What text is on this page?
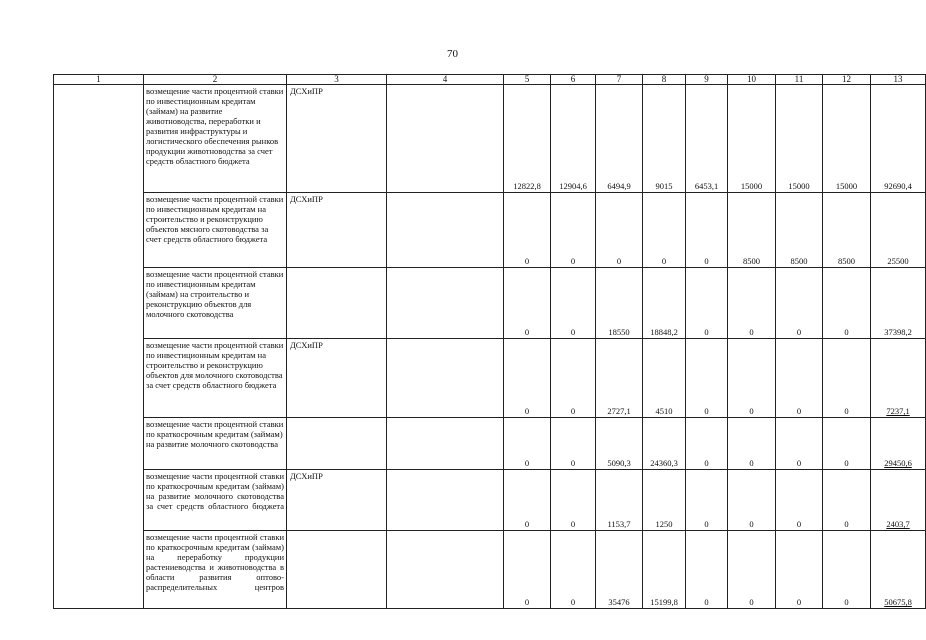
70
1	2	3	4	5	6	7	8	9	10	11	12	13
	возмещение части процентной ставки по инвестиционным кредитам (займам) на развитие животноводства, переработки и развития инфраструктуры и логистического обеспечения рынков продукции животноводства за счет средств областного бюджета	ДСХиПР		12822,8	12904,6	6494,9	9015	6453,1	15000	15000	15000	92690,4
	возмещение части процентной ставки по инвестиционным кредитам на строительство и реконструкцию объектов мясного скотоводства за счет средств областного бюджета	ДСХиПР		0	0	0	0	0	8500	8500	8500	25500
	возмещение части процентной ставки по инвестиционным кредитам (займам) на строительство и реконструкцию объектов для молочного скотоводства			0	0	18550	18848,2	0	0	0	0	37398,2
	возмещение части процентной ставки по инвестиционным кредитам на строительство и реконструкцию объектов для молочного скотоводства за счет средств областного бюджета	ДСХиПР		0	0	2727,1	4510	0	0	0	0	7237,1
	возмещение части процентной ставки по краткосрочным кредитам (займам) на развитие молочного скотоводства			0	0	5090,3	24360,3	0	0	0	0	29450,6
	возмещение части процентной ставки по краткосрочным кредитам (займам) на развитие молочного скотоводства за счет средств областного бюджета	ДСХиПР		0	0	1153,7	1250	0	0	0	0	2403,7
	возмещение части процентной ставки по краткосрочным кредитам (займам) на переработку продукции растениеводства и животноводства в области развития оптово-распределительных центров			0	0	35476	15199,8	0	0	0	0	50675,8
